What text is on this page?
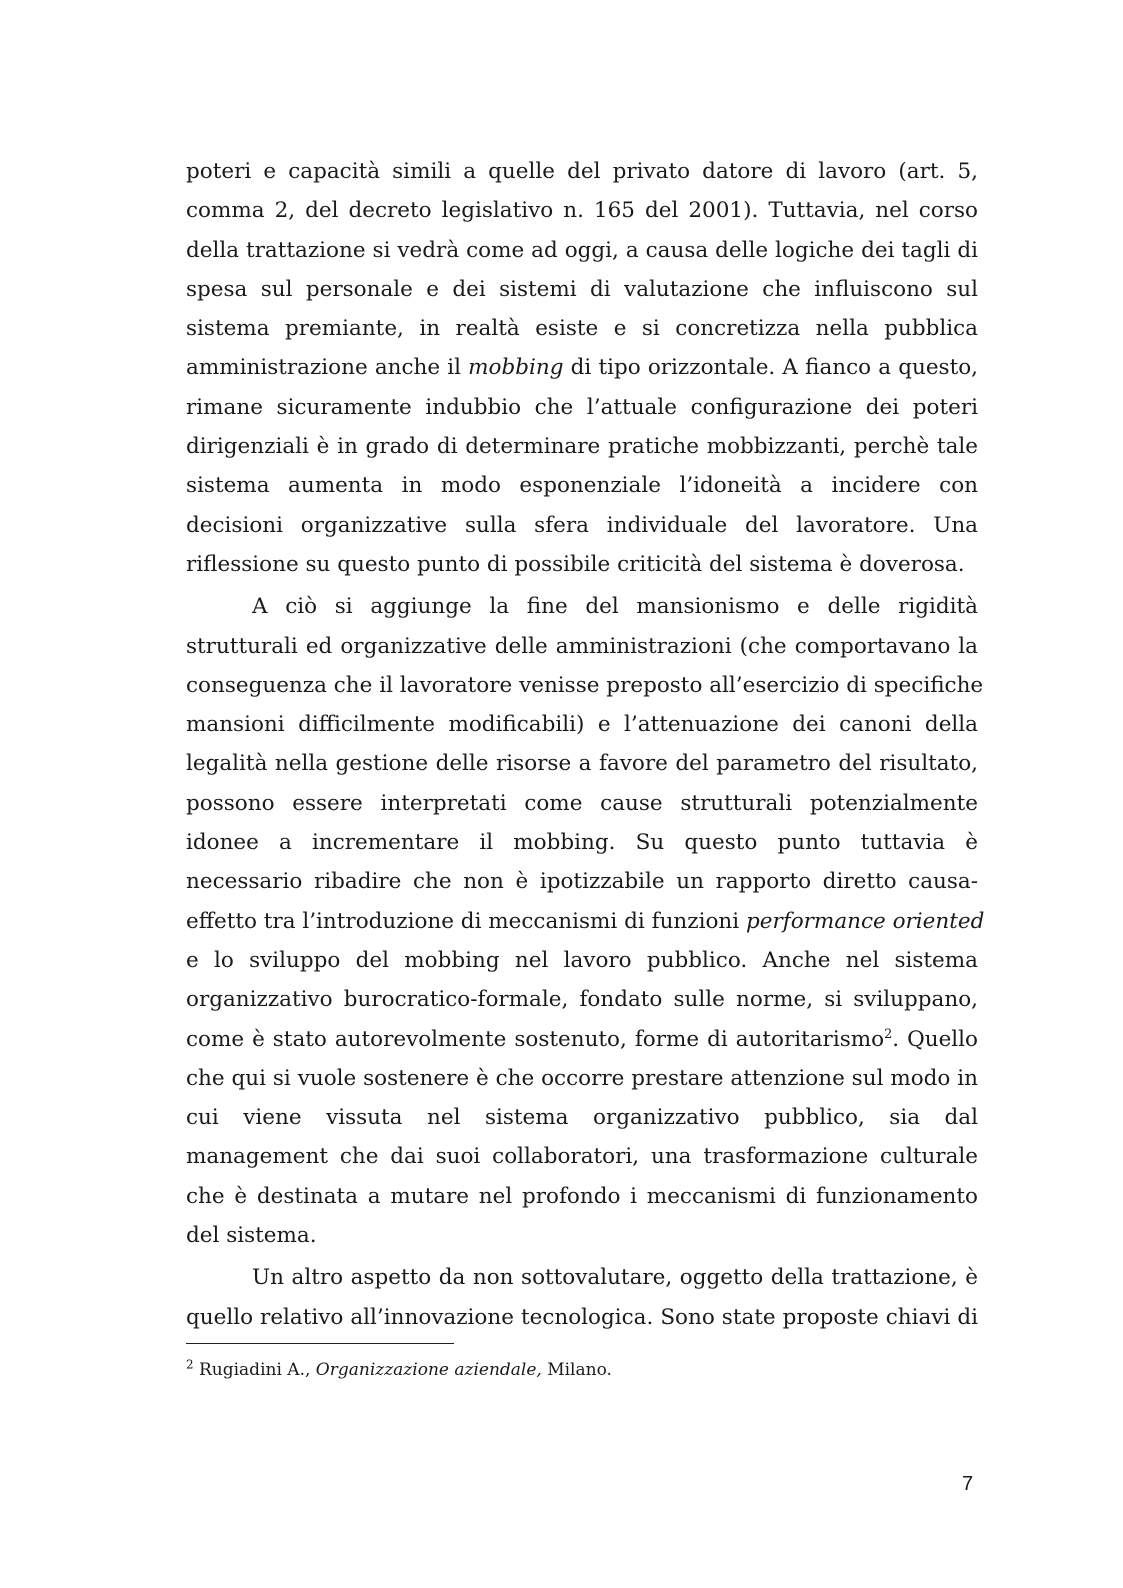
poteri e capacità simili a quelle del privato datore di lavoro (art. 5,
comma 2, del decreto legislativo n. 165 del 2001). Tuttavia, nel corso
della trattazione si vedrà come ad oggi, a causa delle logiche dei tagli di
spesa sul personale e dei sistemi di valutazione che influiscono sul
sistema premiante, in realtà esiste e si concretizza nella pubblica
amministrazione anche il mobbing di tipo orizzontale. A fianco a questo,
rimane sicuramente indubbio che l’attuale configurazione dei poteri
dirigenziali è in grado di determinare pratiche mobbizzanti, perchè tale
sistema aumenta in modo esponenziale l’idoneità a incidere con
decisioni organizzative sulla sfera individuale del lavoratore. Una
riflessione su questo punto di possibile criticità del sistema è doverosa.
A ciò si aggiunge la fine del mansionismo e delle rigidità
strutturali ed organizzative delle amministrazioni (che comportavano la
conseguenza che il lavoratore venisse preposto all’esercizio di specifiche
mansioni difficilmente modificabili) e l’attenuazione dei canoni della
legalità nella gestione delle risorse a favore del parametro del risultato,
possono essere interpretati come cause strutturali potenzialmente
idonee a incrementare il mobbing. Su questo punto tuttavia è
necessario ribadire che non è ipotizzabile un rapporto diretto causa-
effetto tra l’introduzione di meccanismi di funzioni performance oriented
e lo sviluppo del mobbing nel lavoro pubblico. Anche nel sistema
organizzativo burocratico-formale, fondato sulle norme, si sviluppano,
come è stato autorevolmente sostenuto, forme di autoritarismo$^2$. Quello
che qui si vuole sostenere è che occorre prestare attenzione sul modo in
cui viene vissuta nel sistema organizzativo pubblico, sia dal
management che dai suoi collaboratori, una trasformazione culturale
che è destinata a mutare nel profondo i meccanismi di funzionamento
del sistema.
Un altro aspetto da non sottovalutare, oggetto della trattazione, è
quello relativo all’innovazione tecnologica. Sono state proposte chiavi di
$^2$ Rugiadini A., Organizzazione aziendale, Milano.
7
